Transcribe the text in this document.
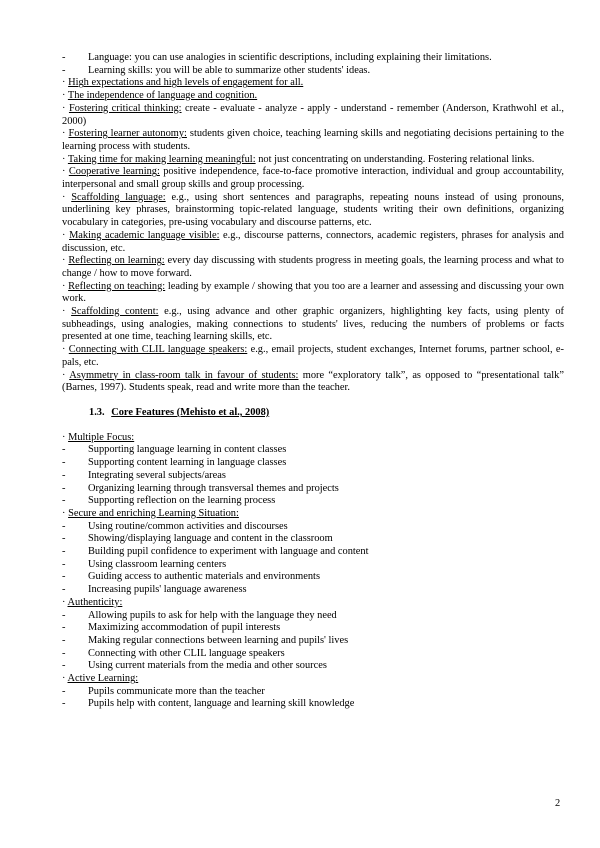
- Language: you can use analogies in scientific descriptions, including explaining their limitations.
- Learning skills: you will be able to summarize other students' ideas.
· High expectations and high levels of engagement for all.
· The independence of language and cognition.
· Fostering critical thinking: create - evaluate - analyze - apply - understand - remember (Anderson, Krathwohl et al., 2000)
· Fostering learner autonomy: students given choice, teaching learning skills and negotiating decisions pertaining to the learning process with students.
· Taking time for making learning meaningful: not just concentrating on understanding. Fostering relational links.
· Cooperative learning: positive independence, face-to-face promotive interaction, individual and group accountability, interpersonal and small group skills and group processing.
· Scaffolding language: e.g., using short sentences and paragraphs, repeating nouns instead of using pronouns, underlining key phrases, brainstorming topic-related language, students writing their own definitions, organizing vocabulary in categories, pre-using vocabulary and discourse patterns, etc.
· Making academic language visible: e.g., discourse patterns, connectors, academic registers, phrases for analysis and discussion, etc.
· Reflecting on learning: every day discussing with students progress in meeting goals, the learning process and what to change / how to move forward.
· Reflecting on teaching: leading by example / showing that you too are a learner and assessing and discussing your own work.
· Scaffolding content: e.g., using advance and other graphic organizers, highlighting key facts, using plenty of subheadings, using analogies, making connections to students' lives, reducing the numbers of problems or facts presented at one time, teaching learning skills, etc.
· Connecting with CLIL language speakers: e.g., email projects, student exchanges, Internet forums, partner school, e-pals, etc.
· Asymmetry in class-room talk in favour of students: more “exploratory talk”, as opposed to “presentational talk” (Barnes, 1997). Students speak, read and write more than the teacher.
1.3. Core Features (Mehisto et al., 2008)
· Multiple Focus:
- Supporting language learning in content classes
- Supporting content learning in language classes
- Integrating several subjects/areas
- Organizing learning through transversal themes and projects
- Supporting reflection on the learning process
· Secure and enriching Learning Situation:
- Using routine/common activities and discourses
- Showing/displaying language and content in the classroom
- Building pupil confidence to experiment with language and content
- Using classroom learning centers
- Guiding access to authentic materials and environments
- Increasing pupils' language awareness
· Authenticity:
- Allowing pupils to ask for help with the language they need
- Maximizing accommodation of pupil interests
- Making regular connections between learning and pupils' lives
- Connecting with other CLIL language speakers
- Using current materials from the media and other sources
· Active Learning:
- Pupils communicate more than the teacher
- Pupils help with content, language and learning skill knowledge
2
